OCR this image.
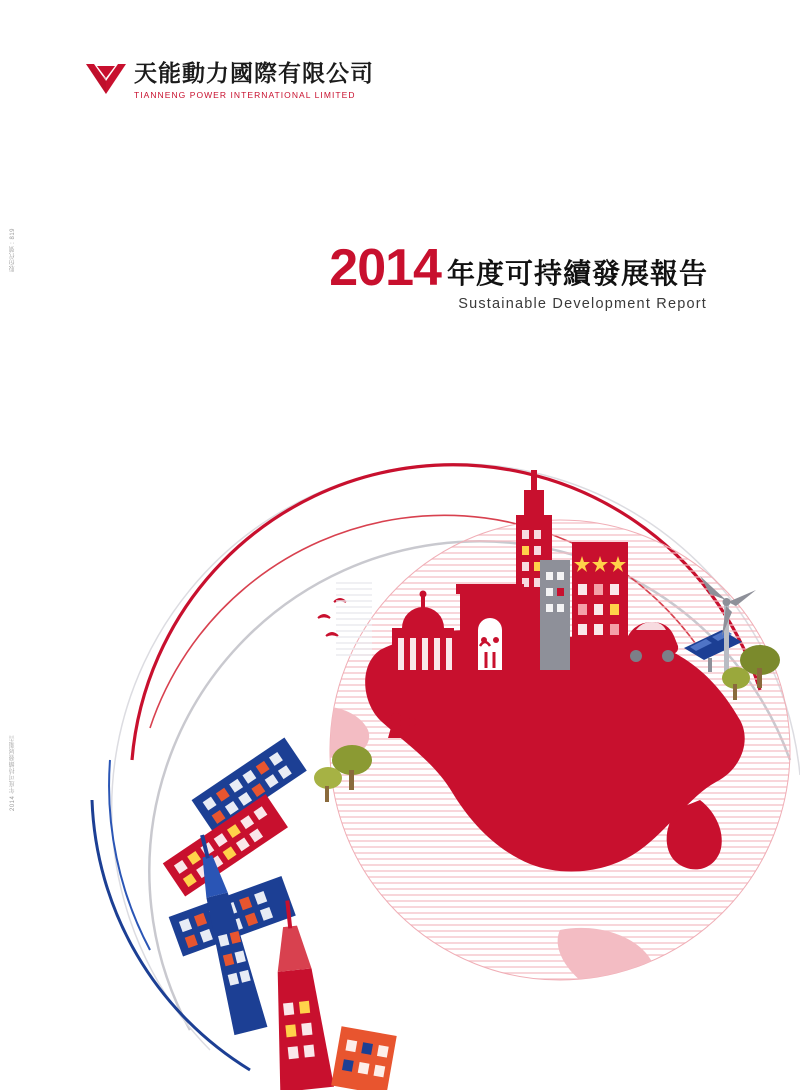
天能動力國際有限公司
TIANNENG POWER INTERNATIONAL LIMITED
2014 年度可持續發展報告
Sustainable Development Report
股份代號 : 819
2014 年度可持續發展報告
